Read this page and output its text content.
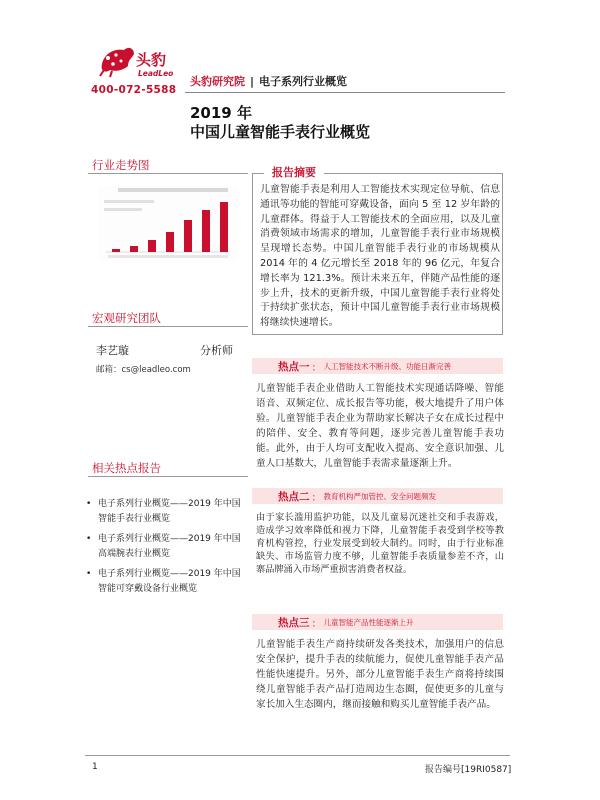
头豹
LeadLeo
400-072-5588
头豹研究院 | 电子系列行业概览
2019 年
中国儿童智能手表行业概览
行业走势图
宏观研究团队
李艺璇	分析师
邮箱：cs@leadleo.com
相关热点报告
• 电子系列行业概览——2019 年中国智能手表行业概览
• 电子系列行业概览——2019 年中国高端腕表行业概览
• 电子系列行业概览——2019 年中国智能可穿戴设备行业概览
报告摘要
儿童智能手表是利用人工智能技术实现定位导航、信息通讯等功能的智能可穿戴设备，面向 5 至 12 岁年龄的儿童群体。得益于人工智能技术的全面应用，以及儿童消费领域市场需求的增加，儿童智能手表行业市场规模呈现增长态势。中国儿童智能手表行业的市场规模从 2014 年的 4 亿元增长至 2018 年的 96 亿元，年复合增长率为 121.3%。预计未来五年，伴随产品性能的逐步上升，技术的更新升级，中国儿童智能手表行业将处于持续扩张状态，预计中国儿童智能手表行业市场规模将继续快速增长。
热点一 ： 人工智能技术不断升级、功能日渐完善
儿童智能手表企业借助人工智能技术实现通话降噪、智能语音、双频定位、成长报告等功能，极大地提升了用户体验。儿童智能手表企业为帮助家长解决子女在成长过程中的陪伴、安全、教育等问题，逐步完善儿童智能手表功能。此外，由于人均可支配收入提高、安全意识加强、儿童人口基数大，儿童智能手表需求量逐渐上升。
热点二 ： 教育机构严加管控、安全问题频发
由于家长滥用监护功能，以及儿童易沉迷社交和手表游戏，造成学习效率降低和视力下降，儿童智能手表受到学校等教育机构管控，行业发展受到较大制约。同时，由于行业标准缺失、市场监管力度不够，儿童智能手表质量参差不齐，山寨品牌涌入市场严重损害消费者权益。
热点三 ： 儿童智能产品性能逐渐上升
儿童智能手表生产商持续研发各类技术，加强用户的信息安全保护，提升手表的续航能力，促使儿童智能手表产品性能快速提升。另外，部分儿童智能手表生产商将持续围绕儿童智能手表产品打造周边生态圈，促使更多的儿童与家长加入生态圈内，继而接触和购买儿童智能手表产品。
1	报告编号[19RI0587]
